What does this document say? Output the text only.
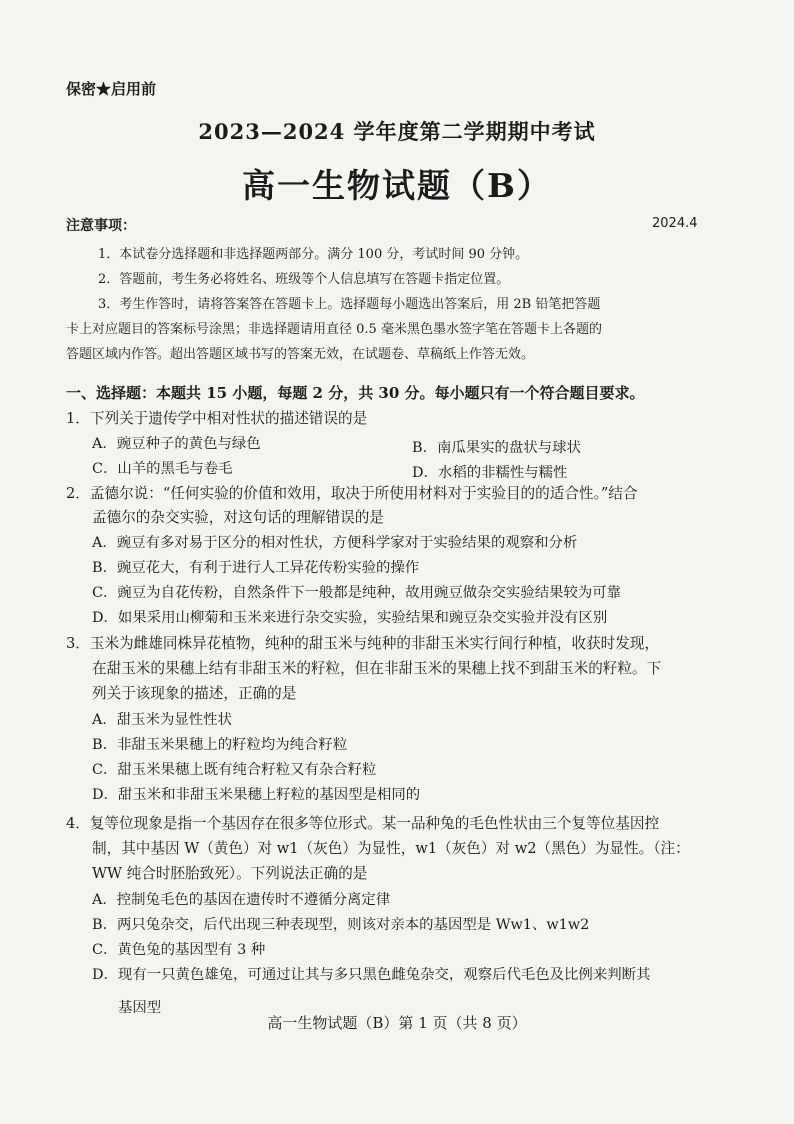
保密★启用前
2023—2024 学年度第二学期期中考试
高一生物试题（B）
注意事项：	2024.4
1．本试卷分选择题和非选择题两部分。满分 100 分，考试时间 90 分钟。
2．答题前，考生务必将姓名、班级等个人信息填写在答题卡指定位置。
3．考生作答时，请将答案答在答题卡上。选择题每小题选出答案后，用 2B 铅笔把答题
卡上对应题目的答案标号涂黑；非选择题请用直径 0.5 毫米黑色墨水签字笔在答题卡上各题的
答题区域内作答。超出答题区域书写的答案无效，在试题卷、草稿纸上作答无效。
一、选择题：本题共 15 小题，每题 2 分，共 30 分。每小题只有一个符合题目要求。
1．下列关于遗传学中相对性状的描述错误的是
A．豌豆种子的黄色与绿色	B．南瓜果实的盘状与球状
C．山羊的黑毛与卷毛	D．水稻的非糯性与糯性
2．孟德尔说：“任何实验的价值和效用，取决于所使用材料对于实验目的的适合性。”结合
孟德尔的杂交实验，对这句话的理解错误的是
A．豌豆有多对易于区分的相对性状，方便科学家对于实验结果的观察和分析
B．豌豆花大，有利于进行人工异花传粉实验的操作
C．豌豆为自花传粉，自然条件下一般都是纯种，故用豌豆做杂交实验结果较为可靠
D．如果采用山柳菊和玉米来进行杂交实验，实验结果和豌豆杂交实验并没有区别
3．玉米为雌雄同株异花植物，纯种的甜玉米与纯种的非甜玉米实行间行种植，收获时发现，
在甜玉米的果穗上结有非甜玉米的籽粒，但在非甜玉米的果穗上找不到甜玉米的籽粒。下
列关于该现象的描述，正确的是
A．甜玉米为显性性状
B．非甜玉米果穗上的籽粒均为纯合籽粒
C．甜玉米果穗上既有纯合籽粒又有杂合籽粒
D．甜玉米和非甜玉米果穗上籽粒的基因型是相同的
4．复等位现象是指一个基因存在很多等位形式。某一品种兔的毛色性状由三个复等位基因控
制，其中基因 W（黄色）对 w1（灰色）为显性，w1（灰色）对 w2（黑色）为显性。（注：
WW 纯合时胚胎致死）。下列说法正确的是
A．控制兔毛色的基因在遗传时不遵循分离定律
B．两只兔杂交，后代出现三种表现型，则该对亲本的基因型是 Ww1、w1w2
C．黄色兔的基因型有 3 种
D．现有一只黄色雄兔，可通过让其与多只黑色雌兔杂交，观察后代毛色及比例来判断其
基因型
高一生物试题（B）第 1 页（共 8 页）
